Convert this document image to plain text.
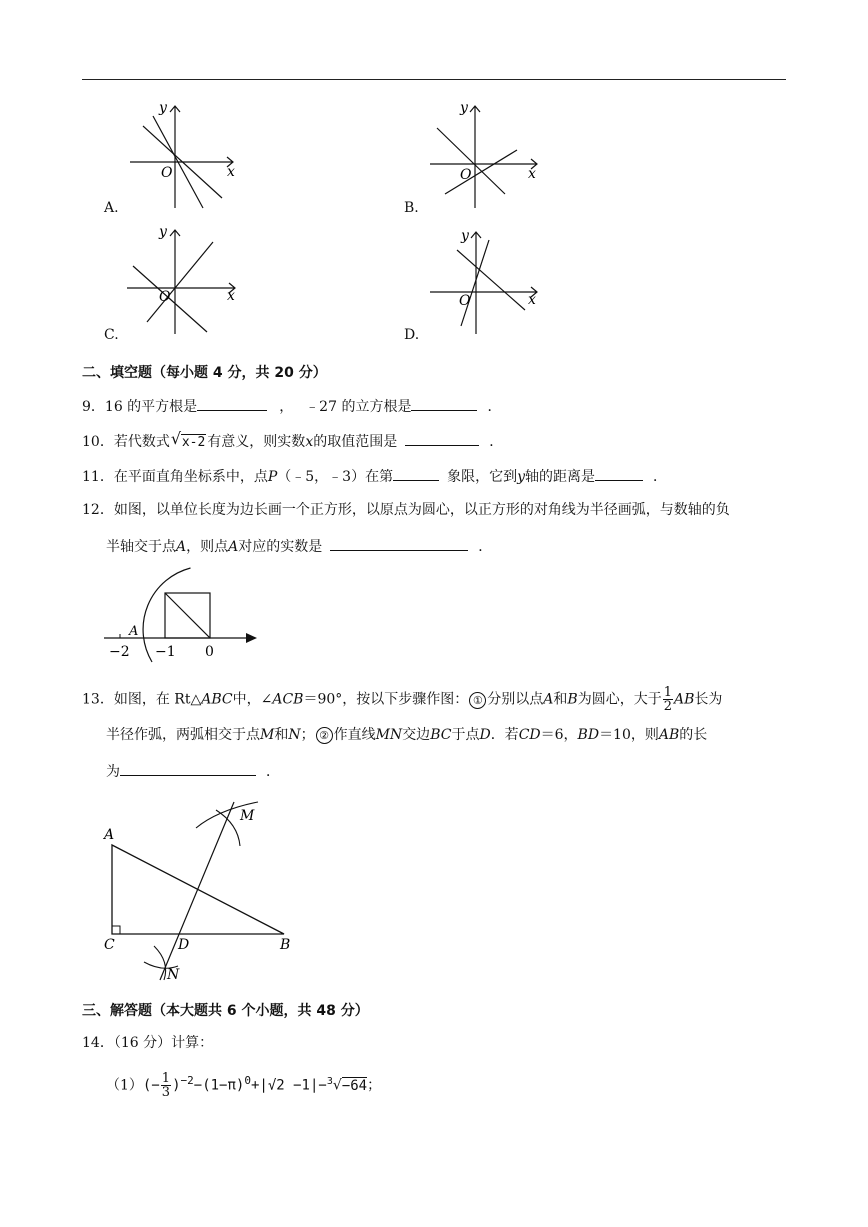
y
x
O
A.
y
x
O
B.
y
x
O
C.
y
x
O
D.
二、填空题（每小题 4 分，共 20 分）
9．16 的平方根是	， ﹣27 的立方根是	．
10．若代数式 √ x-2 有意义，则实数x的取值范围是	．
11．在平面直角坐标系中，点P（﹣5，﹣3）在第	象限，它到y轴的距离是	．
12．如图，以单位长度为边长画一个正方形，以原点为圆心，以正方形的对角线为半径画弧，与数轴的负
半轴交于点A，则点A对应的实数是	．
A
−2 −1 0
13．如图，在 Rt△ABC中，∠ACB＝90°，按以下步骤作图： ① 分别以点A和B为圆心，大于 $\frac{1}{2}$ AB长为
半径作弧，两弧相交于点M和N； ② 作直线MN交边BC于点D．若CD＝6，BD＝10，则AB的长
为	．
A
C	D	B
M
N
三、解答题（本大题共 6 个小题，共 48 分）
14．（16 分）计算：
$(1)(- \frac{1}{3} )^{-2}-(1-\pi)^0+|√2 -1|-^3√-64$；
